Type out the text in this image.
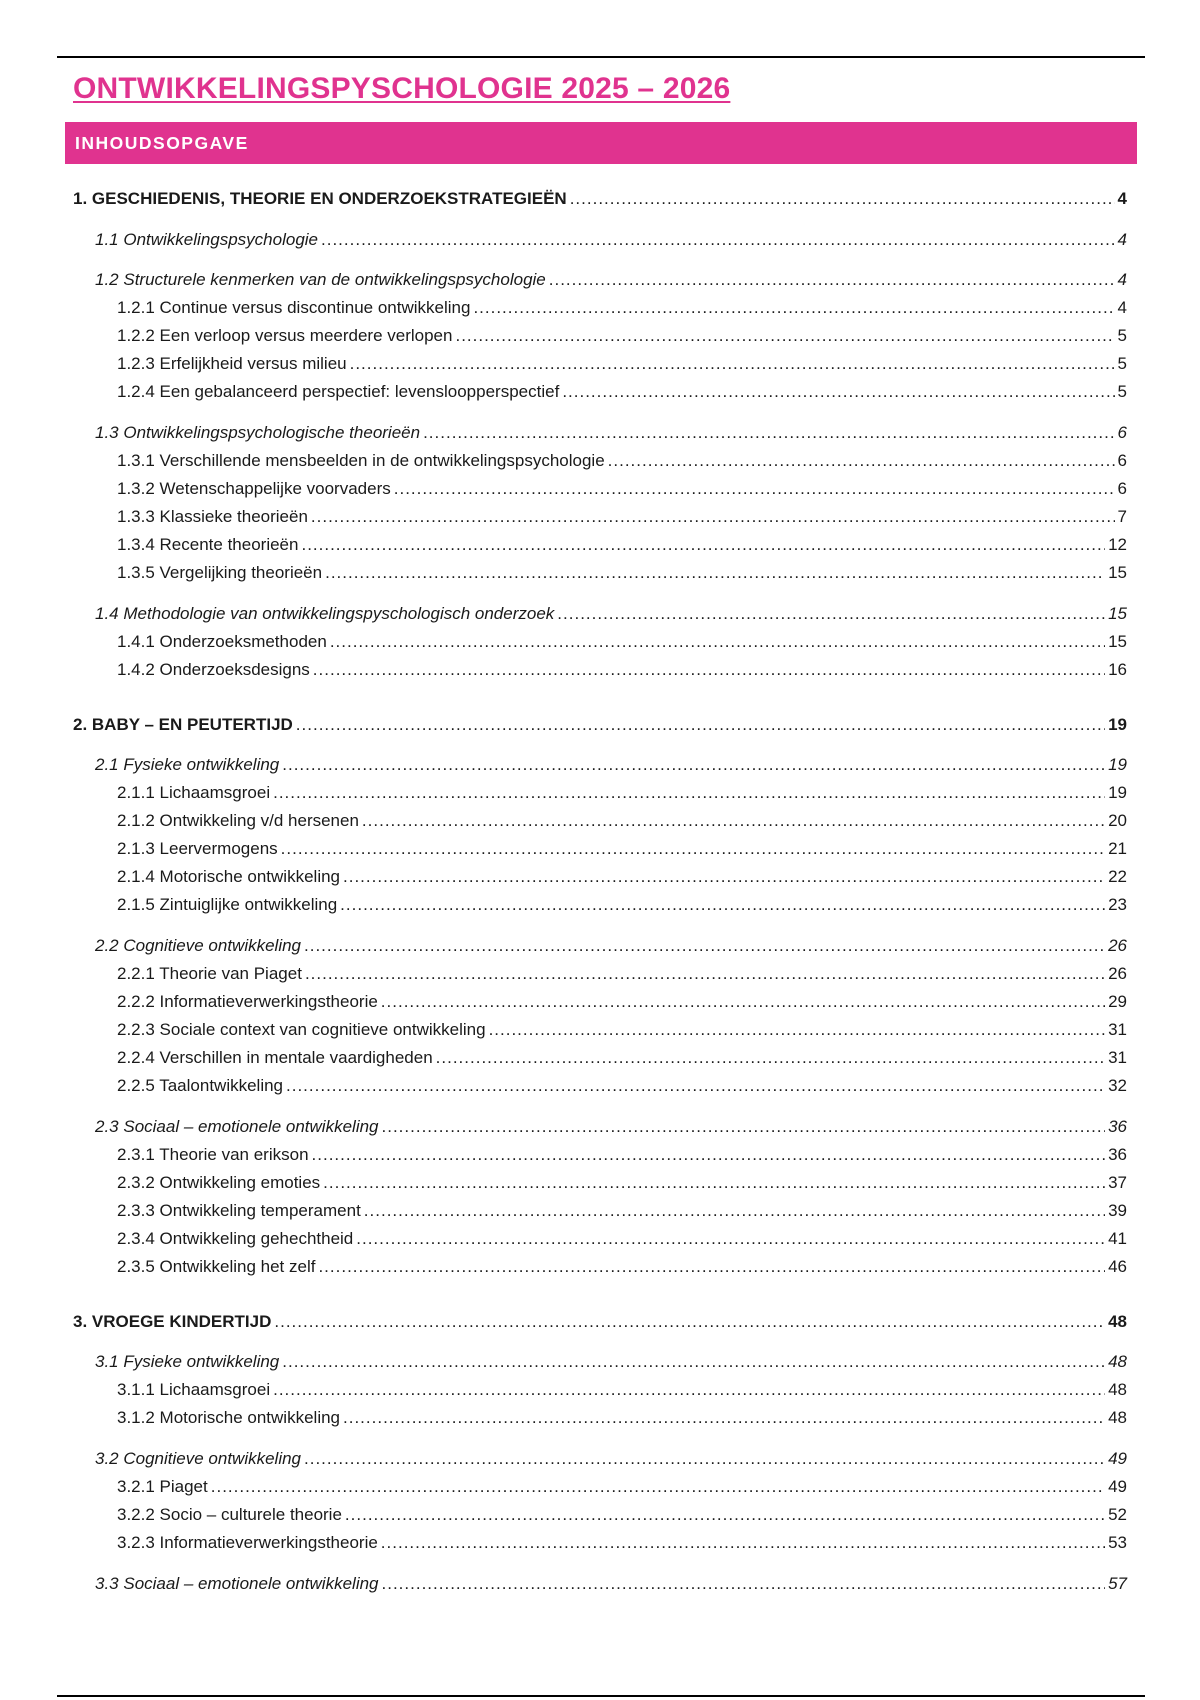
ONTWIKKELINGSPYSCHOLOGIE 2025 – 2026
INHOUDSOPGAVE
1. GESCHIEDENIS, THEORIE EN ONDERZOEKSTRATEGIEËN .....	4
1.1 Ontwikkelingspsychologie .....	4
1.2 Structurele kenmerken van de ontwikkelingspsychologie .....	4
1.2.1 Continue versus discontinue ontwikkeling .....	4
1.2.2 Een verloop versus meerdere verlopen .....	5
1.2.3 Erfelijkheid versus milieu .....	5
1.2.4 Een gebalanceerd perspectief: levensloopperspectief .....	5
1.3 Ontwikkelingspsychologische theorieën .....	6
1.3.1 Verschillende mensbeelden in de ontwikkelingspsychologie .....	6
1.3.2 Wetenschappelijke voorvaders .....	6
1.3.3 Klassieke theorieën .....	7
1.3.4 Recente theorieën .....	12
1.3.5 Vergelijking theorieën .....	15
1.4 Methodologie van ontwikkelingspyschologisch onderzoek .....	15
1.4.1 Onderzoeksmethoden .....	15
1.4.2 Onderzoeksdesigns .....	16
2. BABY – EN PEUTERTIJD .....	19
2.1 Fysieke ontwikkeling .....	19
2.1.1 Lichaamsgroei .....	19
2.1.2 Ontwikkeling v/d hersenen .....	20
2.1.3 Leervermogens .....	21
2.1.4 Motorische ontwikkeling .....	22
2.1.5 Zintuiglijke ontwikkeling .....	23
2.2 Cognitieve ontwikkeling .....	26
2.2.1 Theorie van Piaget .....	26
2.2.2 Informatieverwerkingstheorie .....	29
2.2.3 Sociale context van cognitieve ontwikkeling .....	31
2.2.4 Verschillen in mentale vaardigheden .....	31
2.2.5 Taalontwikkeling .....	32
2.3 Sociaal – emotionele ontwikkeling .....	36
2.3.1 Theorie van erikson .....	36
2.3.2 Ontwikkeling emoties .....	37
2.3.3 Ontwikkeling temperament .....	39
2.3.4 Ontwikkeling gehechtheid .....	41
2.3.5 Ontwikkeling het zelf .....	46
3. VROEGE KINDERTIJD .....	48
3.1 Fysieke ontwikkeling .....	48
3.1.1 Lichaamsgroei .....	48
3.1.2 Motorische ontwikkeling .....	48
3.2 Cognitieve ontwikkeling .....	49
3.2.1 Piaget .....	49
3.2.2 Socio – culturele theorie .....	52
3.2.3 Informatieverwerkingstheorie .....	53
3.3 Sociaal – emotionele ontwikkeling .....	57
